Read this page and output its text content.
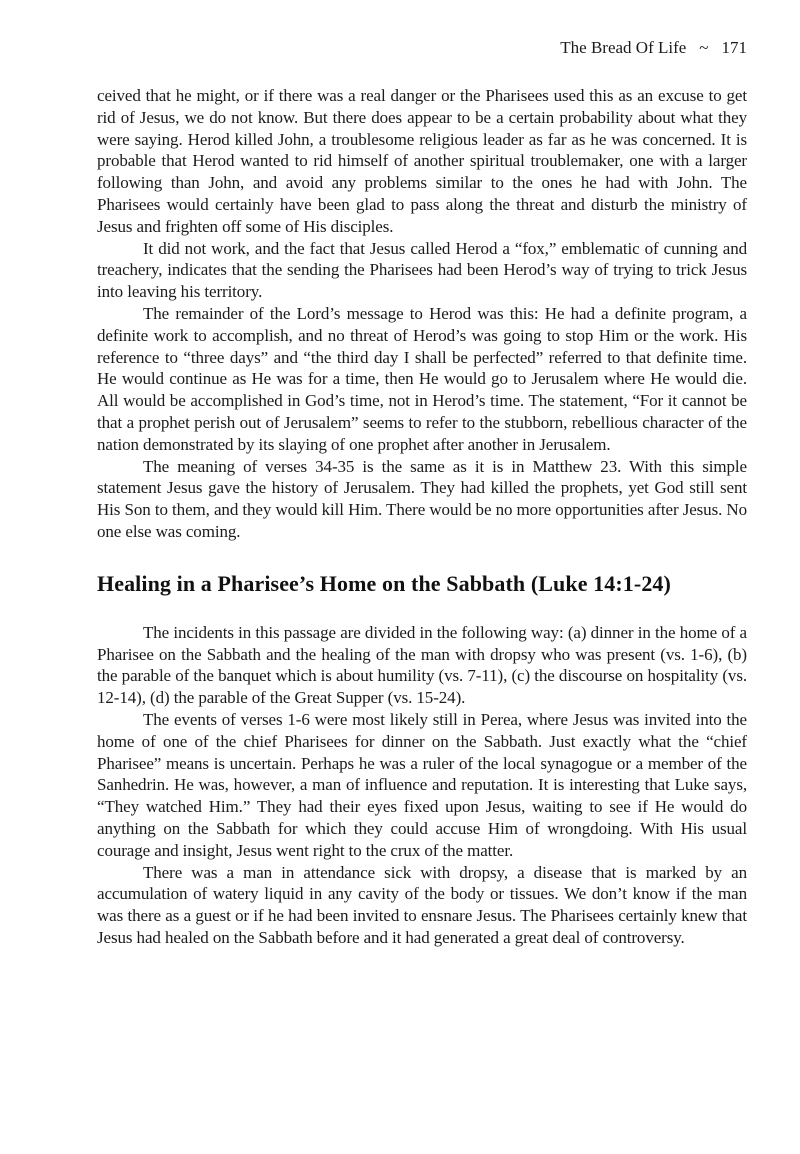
The Bread Of Life ~ 171

ceived that he might, or if there was a real danger or the Pharisees used this as an excuse to get rid of Jesus, we do not know. But there does appear to be a certain probability about what they were saying. Herod killed John, a troublesome religious leader as far as he was concerned. It is probable that Herod wanted to rid himself of another spiritual troublemaker, one with a larger following than John, and avoid any problems similar to the ones he had with John. The Pharisees would certainly have been glad to pass along the threat and disturb the ministry of Jesus and frighten off some of His disciples.

It did not work, and the fact that Jesus called Herod a “fox,” emblematic of cunning and treachery, indicates that the sending the Pharisees had been Herod’s way of trying to trick Jesus into leaving his territory.

The remainder of the Lord’s message to Herod was this: He had a definite program, a definite work to accomplish, and no threat of Herod’s was going to stop Him or the work. His reference to “three days” and “the third day I shall be perfected” referred to that definite time. He would continue as He was for a time, then He would go to Jerusalem where He would die. All would be accomplished in God’s time, not in Herod’s time. The statement, “For it cannot be that a prophet perish out of Jerusalem” seems to refer to the stubborn, rebellious character of the nation demonstrated by its slaying of one prophet after another in Jerusalem.

The meaning of verses 34-35 is the same as it is in Matthew 23. With this simple statement Jesus gave the history of Jerusalem. They had killed the prophets, yet God still sent His Son to them, and they would kill Him. There would be no more opportunities after Jesus. No one else was coming.

Healing in a Pharisee’s Home on the Sabbath (Luke 14:1-24)

The incidents in this passage are divided in the following way: (a) dinner in the home of a Pharisee on the Sabbath and the healing of the man with dropsy who was present (vs. 1-6), (b) the parable of the banquet which is about humility (vs. 7-11), (c) the discourse on hospitality (vs. 12-14), (d) the parable of the Great Supper (vs. 15-24).

The events of verses 1-6 were most likely still in Perea, where Jesus was invited into the home of one of the chief Pharisees for dinner on the Sabbath. Just exactly what the “chief Pharisee” means is uncertain. Perhaps he was a ruler of the local synagogue or a member of the Sanhedrin. He was, however, a man of influence and reputation. It is interesting that Luke says, “They watched Him.” They had their eyes fixed upon Jesus, waiting to see if He would do anything on the Sabbath for which they could accuse Him of wrongdoing. With His usual courage and insight, Jesus went right to the crux of the matter.

There was a man in attendance sick with dropsy, a disease that is marked by an accumulation of watery liquid in any cavity of the body or tissues. We don’t know if the man was there as a guest or if he had been invited to ensnare Jesus. The Pharisees certainly knew that Jesus had healed on the Sabbath before and it had generated a great deal of controversy.
